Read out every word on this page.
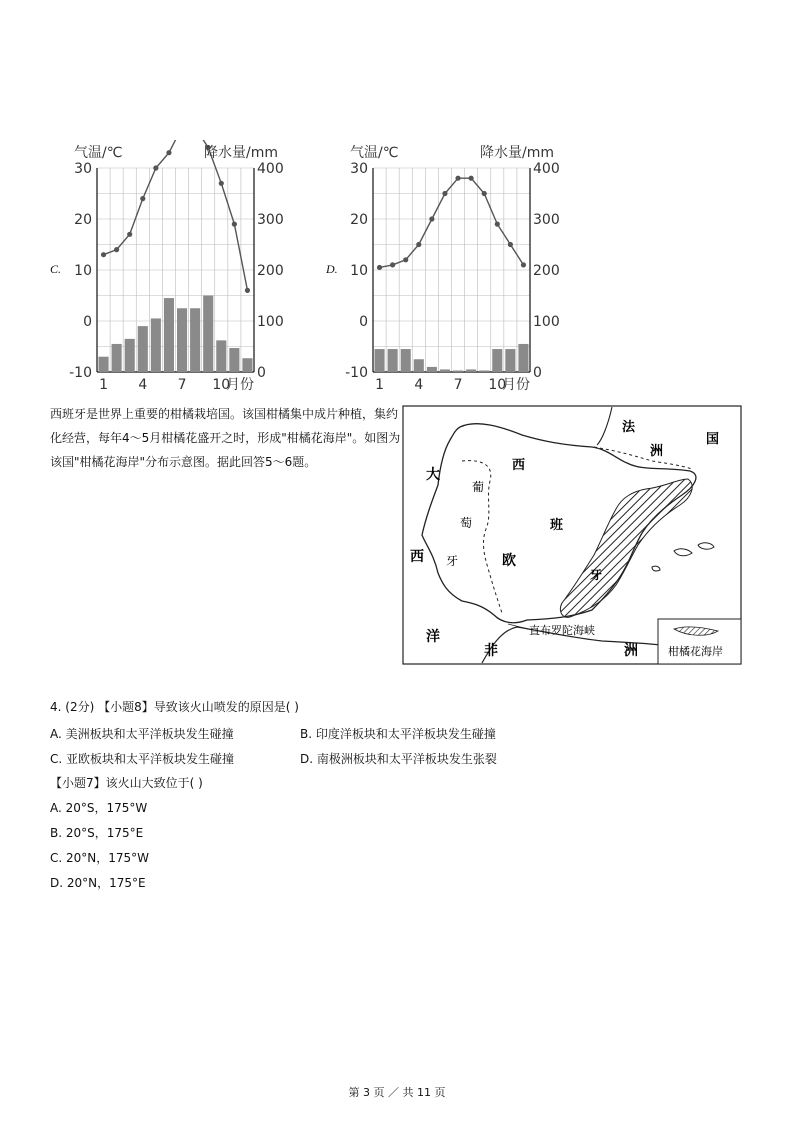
C.
30
20
10
0
-10
400
300
200
100
0
1 4 7 10
气温/℃	降水量/mm
月份
D.
30
20
10
0
-10
400
300
200
100
0
1 4 7 10
气温/℃	降水量/mm
月份
西班牙是世界上重要的柑橘栽培国。该国柑橘集中成片种植，集约化经营，每年4～5月柑橘花盛开之时，形成"柑橘花海岸"。如图为该国"柑橘花海岸"分布示意图。据此回答5～6题。
法
洲
国
西
班
牙
葡
萄
牙	欧
大
西
洋
非	洲
直布罗陀海峡
柑橘花海岸
4. (2分) 【小题8】导致该火山喷发的原因是( )
A. 美洲板块和太平洋板块发生碰撞	B. 印度洋板块和太平洋板块发生碰撞
C. 亚欧板块和太平洋板块发生碰撞	D. 南极洲板块和太平洋板块发生张裂
【小题7】该火山大致位于( )
A. 20°S，175°W
B. 20°S，175°E
C. 20°N，175°W
D. 20°N，175°E
第 3 页 ／ 共 11 页
